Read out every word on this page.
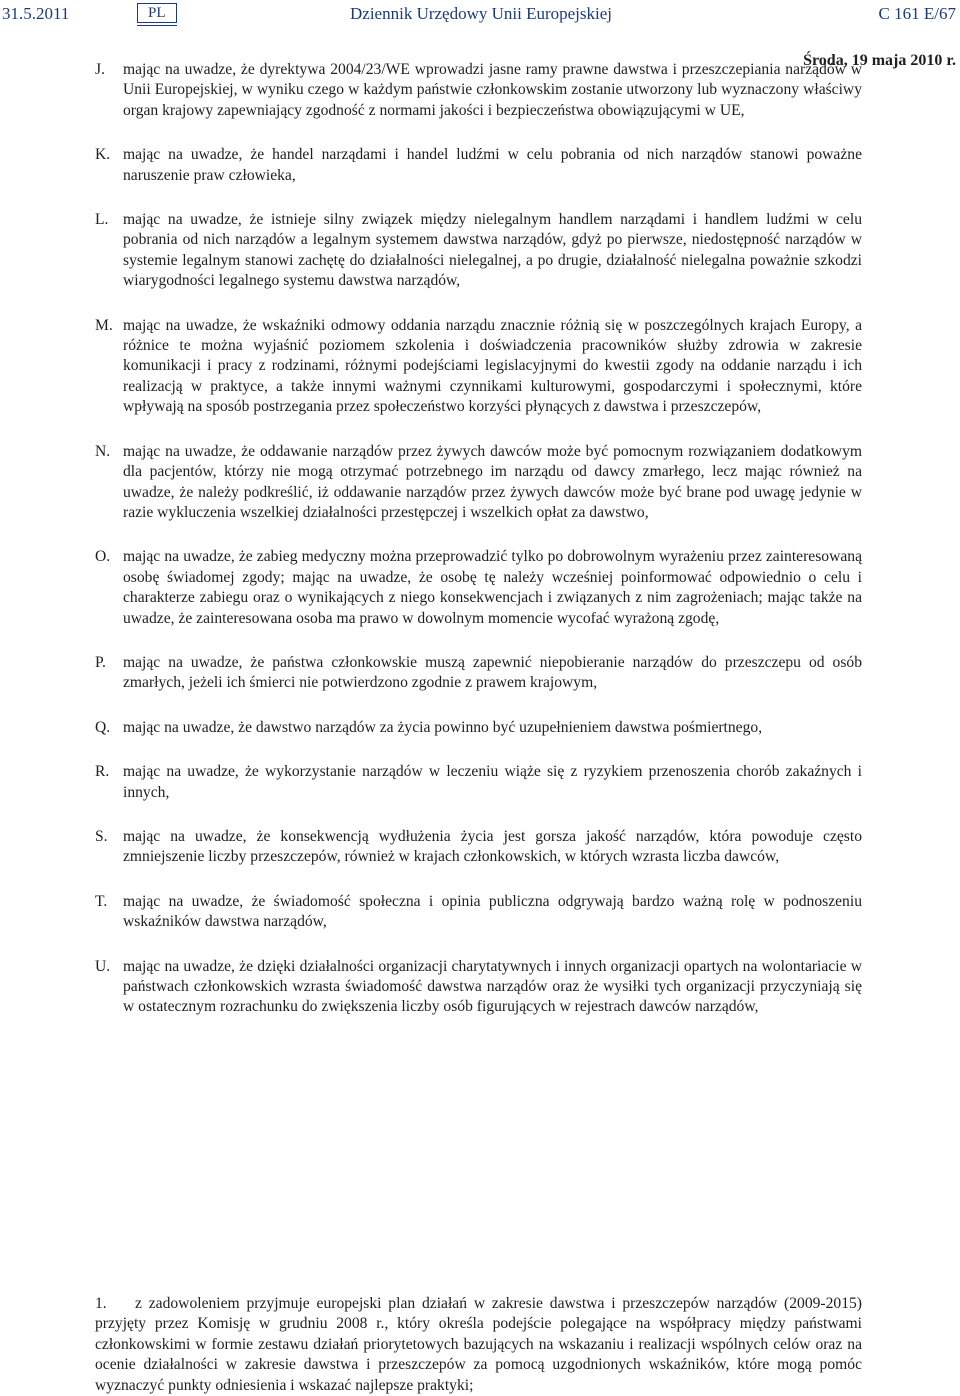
31.5.2011	PL	Dziennik Urzędowy Unii Europejskiej	C 161 E/67
Środa, 19 maja 2010 r.

J. mając na uwadze, że dyrektywa 2004/23/WE wprowadzi jasne ramy prawne dawstwa i przeszczepiania narządów w Unii Europejskiej, w wyniku czego w każdym państwie członkowskim zostanie utworzony lub wyznaczony właściwy organ krajowy zapewniający zgodność z normami jakości i bezpieczeństwa obowiązującymi w UE,

K. mając na uwadze, że handel narządami i handel ludźmi w celu pobrania od nich narządów stanowi poważne naruszenie praw człowieka,

L. mając na uwadze, że istnieje silny związek między nielegalnym handlem narządami i handlem ludźmi w celu pobrania od nich narządów a legalnym systemem dawstwa narządów, gdyż po pierwsze, niedostępność narządów w systemie legalnym stanowi zachętę do działalności nielegalnej, a po drugie, działalność nielegalna poważnie szkodzi wiarygodności legalnego systemu dawstwa narządów,

M. mając na uwadze, że wskaźniki odmowy oddania narządu znacznie różnią się w poszczególnych krajach Europy, a różnice te można wyjaśnić poziomem szkolenia i doświadczenia pracowników służby zdrowia w zakresie komunikacji i pracy z rodzinami, różnymi podejściami legislacyjnymi do kwestii zgody na oddanie narządu i ich realizacją w praktyce, a także innymi ważnymi czynnikami kulturowymi, gospodarczymi i społecznymi, które wpływają na sposób postrzegania przez społeczeństwo korzyści płynących z dawstwa i przeszczepów,

N. mając na uwadze, że oddawanie narządów przez żywych dawców może być pomocnym rozwiązaniem dodatkowym dla pacjentów, którzy nie mogą otrzymać potrzebnego im narządu od dawcy zmarłego, lecz mając również na uwadze, że należy podkreślić, iż oddawanie narządów przez żywych dawców może być brane pod uwagę jedynie w razie wykluczenia wszelkiej działalności przestępczej i wszelkich opłat za dawstwo,

O. mając na uwadze, że zabieg medyczny można przeprowadzić tylko po dobrowolnym wyrażeniu przez zainteresowaną osobę świadomej zgody; mając na uwadze, że osobę tę należy wcześniej poinformować odpowiednio o celu i charakterze zabiegu oraz o wynikających z niego konsekwencjach i związanych z nim zagrożeniach; mając także na uwadze, że zainteresowana osoba ma prawo w dowolnym momencie wycofać wyrażoną zgodę,

P. mając na uwadze, że państwa członkowskie muszą zapewnić niepobieranie narządów do przeszczepu od osób zmarłych, jeżeli ich śmierci nie potwierdzono zgodnie z prawem krajowym,

Q. mając na uwadze, że dawstwo narządów za życia powinno być uzupełnieniem dawstwa pośmiertnego,

R. mając na uwadze, że wykorzystanie narządów w leczeniu wiąże się z ryzykiem przenoszenia chorób zakaźnych i innych,

S. mając na uwadze, że konsekwencją wydłużenia życia jest gorsza jakość narządów, która powoduje często zmniejszenie liczby przeszczepów, również w krajach członkowskich, w których wzrasta liczba dawców,

T. mając na uwadze, że świadomość społeczna i opinia publiczna odgrywają bardzo ważną rolę w podnoszeniu wskaźników dawstwa narządów,

U. mając na uwadze, że dzięki działalności organizacji charytatywnych i innych organizacji opartych na wolontariacie w państwach członkowskich wzrasta świadomość dawstwa narządów oraz że wysiłki tych organizacji przyczyniają się w ostatecznym rozrachunku do zwiększenia liczby osób figurujących w rejestrach dawców narządów,

1. z zadowoleniem przyjmuje europejski plan działań w zakresie dawstwa i przeszczepów narządów (2009-2015) przyjęty przez Komisję w grudniu 2008 r., który określa podejście polegające na współpracy między państwami członkowskimi w formie zestawu działań priorytetowych bazujących na wskazaniu i realizacji wspólnych celów oraz na ocenie działalności w zakresie dawstwa i przeszczepów za pomocą uzgodnionych wskaźników, które mogą pomóc wyznaczyć punkty odniesienia i wskazać najlepsze praktyki;
